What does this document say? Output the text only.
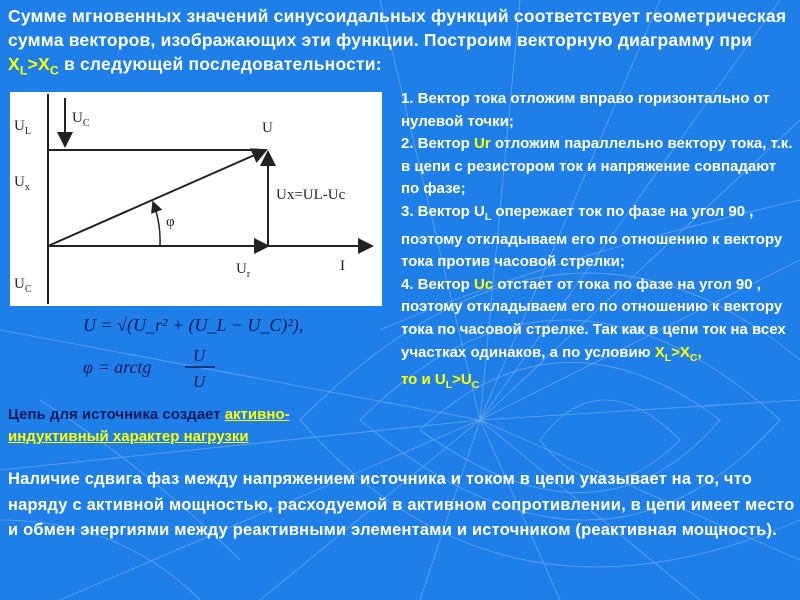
Сумме мгновенных значений синусоидальных функций соответствует геометрическая сумма векторов, изображающих эти функции. Построим векторную диаграмму при $X_L>X_C$ в следующей последовательности:
$U_L$
$U_C$	U
$U_x$	Ux=UL-Uc
φ
$U_C$
$U_r$
I
1. Вектор тока отложим вправо горизонтально от нулевой точки;
2. Вектор Ur отложим параллельно вектору тока, т.к. в цепи с резистором ток и напряжение совпадают по фазе;
3. Вектор $U_L$ опережает ток по фазе на угол 90 , поэтому откладываем его по отношению к вектору тока против часовой стрелки;
4. Вектор Uc отстает от тока по фазе на угол 90 , поэтому откладываем его по отношению к вектору тока по часовой стрелке. Так как в цепи ток на всех участках одинаков, а по условию $X_L>X_C$,
то и $U_L>U_C$
U = √(U_r² + (U_L − U_C)²),
φ = arctg
U
U
Цепь для источника создает активно-индуктивный характер нагрузки
Наличие сдвига фаз между напряжением источника и током в цепи указывает на то, что наряду с активной мощностью, расходуемой в активном сопротивлении, в цепи имеет место и обмен энергиями между реактивными элементами и источником (реактивная мощность).
